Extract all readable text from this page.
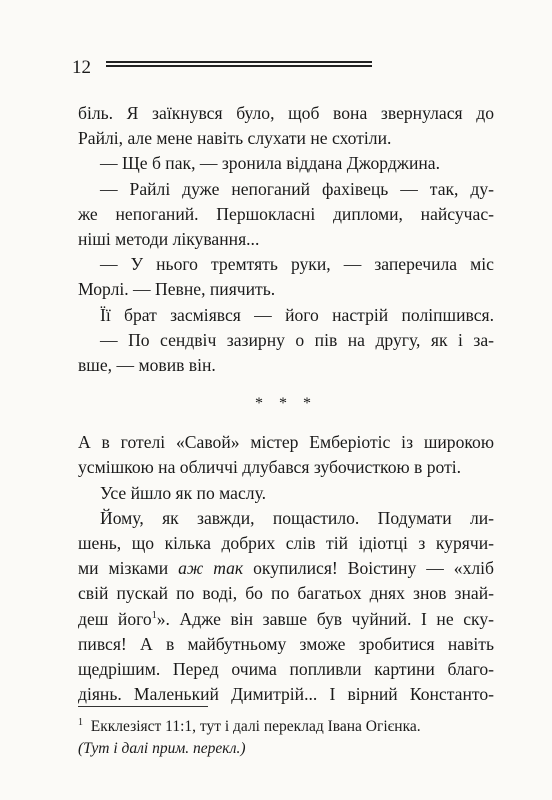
12

біль. Я заїкнувся було, щоб вона звернулася до
Райлі, але мене навіть слухати не схотіли.

— Ще б пак, — зронила віддана Джорджина.

— Райлі дуже непоганий фахівець — так, ду-
же непоганий. Першокласні дипломи, найсучас-
ніші методи лікування...

— У нього тремтять руки, — заперечила міс
Морлі. — Певне, пиячить.

Її брат засміявся — його настрій поліпшився.

— По сендвіч зазирну о пів на другу, як і за-
вше, — мовив він.

* * *

А в готелі «Савой» містер Емберіотіс із широкою
усмішкою на обличчі длубався зубочисткою в роті.

Усе йшло як по маслу.

Йому, як завжди, пощастило. Подумати ли-
шень, що кілька добрих слів тій ідіотці з курячи-
ми мізками аж так окупилися! Воістину — «хліб
свій пускай по воді, бо по багатьох днях знов знай-
деш його$^1$». Адже він завше був чуйний. І не ску-
пився! А в майбутньому зможе зробитися навіть
щедрішим. Перед очима попливли картини благо-
діянь. Маленький Димитрій... І вірний Константо-

$^1$ Екклезіяст 11:1, тут і далі переклад Івана Огієнка.
(Тут і далі прим. перекл.)
